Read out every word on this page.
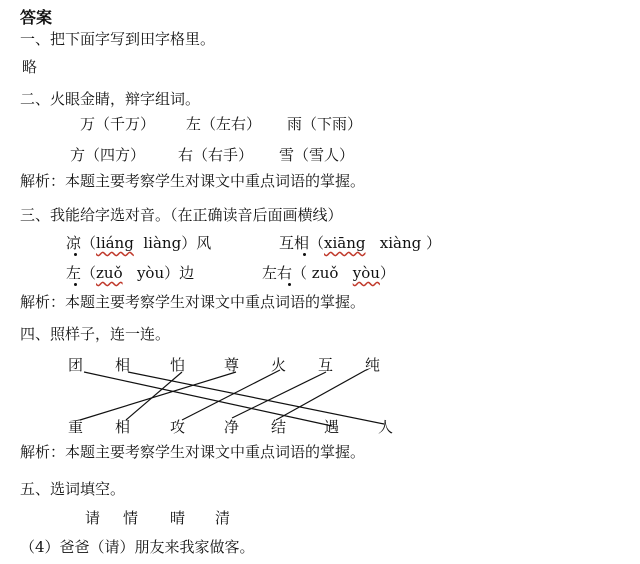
答案
一、把下面字写到田字格里。
略
二、火眼金睛，辩字组词。
万（千万） 左（左右） 雨（下雨）
方（四方） 右（右手） 雪（雪人）
解析：本题主要考察学生对课文中重点词语的掌握。
三、我能给字选对音。（在正确读音后面画横线）
凉（liáng liàng）风	互相（xiāng xiàng ）
左（zuǒ yòu）边	左右（ zuǒ yòu）
解析：本题主要考察学生对课文中重点词语的掌握。
四、照样子，连一连。
团 相	怕	尊 火 互 纯
重 相	攻	净 结	遇	人
解析：本题主要考察学生对课文中重点词语的掌握。
五、选词填空。
请 情 晴 清
（4）爸爸（请）朋友来我家做客。
